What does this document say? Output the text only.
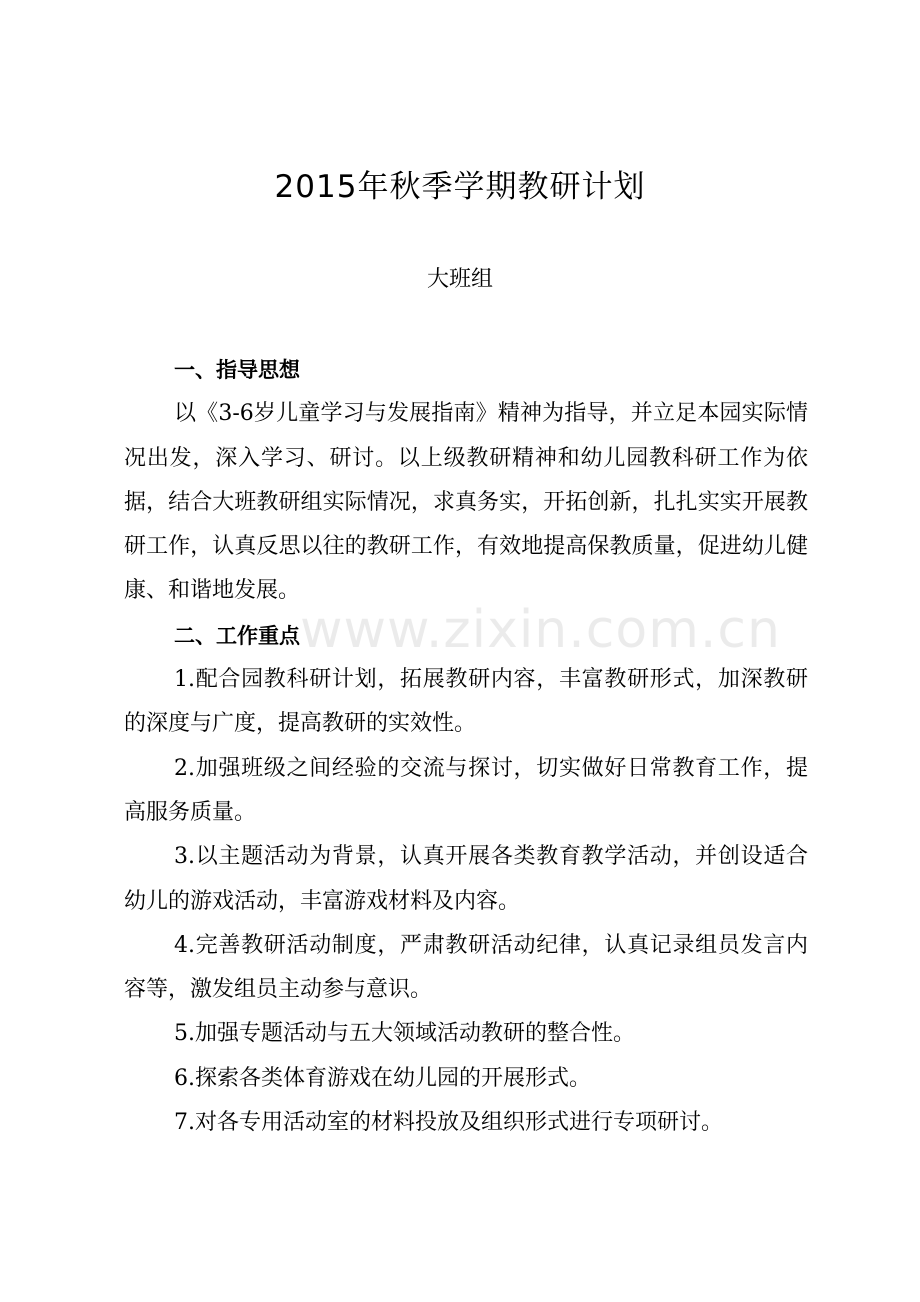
2015年秋季学期教研计划
大班组

一、指导思想

以《3-6岁儿童学习与发展指南》精神为指导，并立足本园实际情况出发，深入学习、研讨。以上级教研精神和幼儿园教科研工作为依据，结合大班教研组实际情况，求真务实，开拓创新，扎扎实实开展教研工作，认真反思以往的教研工作，有效地提高保教质量，促进幼儿健康、和谐地发展。

二、工作重点

1.配合园教科研计划，拓展教研内容，丰富教研形式，加深教研的深度与广度，提高教研的实效性。

2.加强班级之间经验的交流与探讨，切实做好日常教育工作，提高服务质量。

3.以主题活动为背景，认真开展各类教育教学活动，并创设适合幼儿的游戏活动，丰富游戏材料及内容。

4.完善教研活动制度，严肃教研活动纪律，认真记录组员发言内容等，激发组员主动参与意识。

5.加强专题活动与五大领域活动教研的整合性。

6.探索各类体育游戏在幼儿园的开展形式。

7.对各专用活动室的材料投放及组织形式进行专项研讨。

www.zixin.com.cn
